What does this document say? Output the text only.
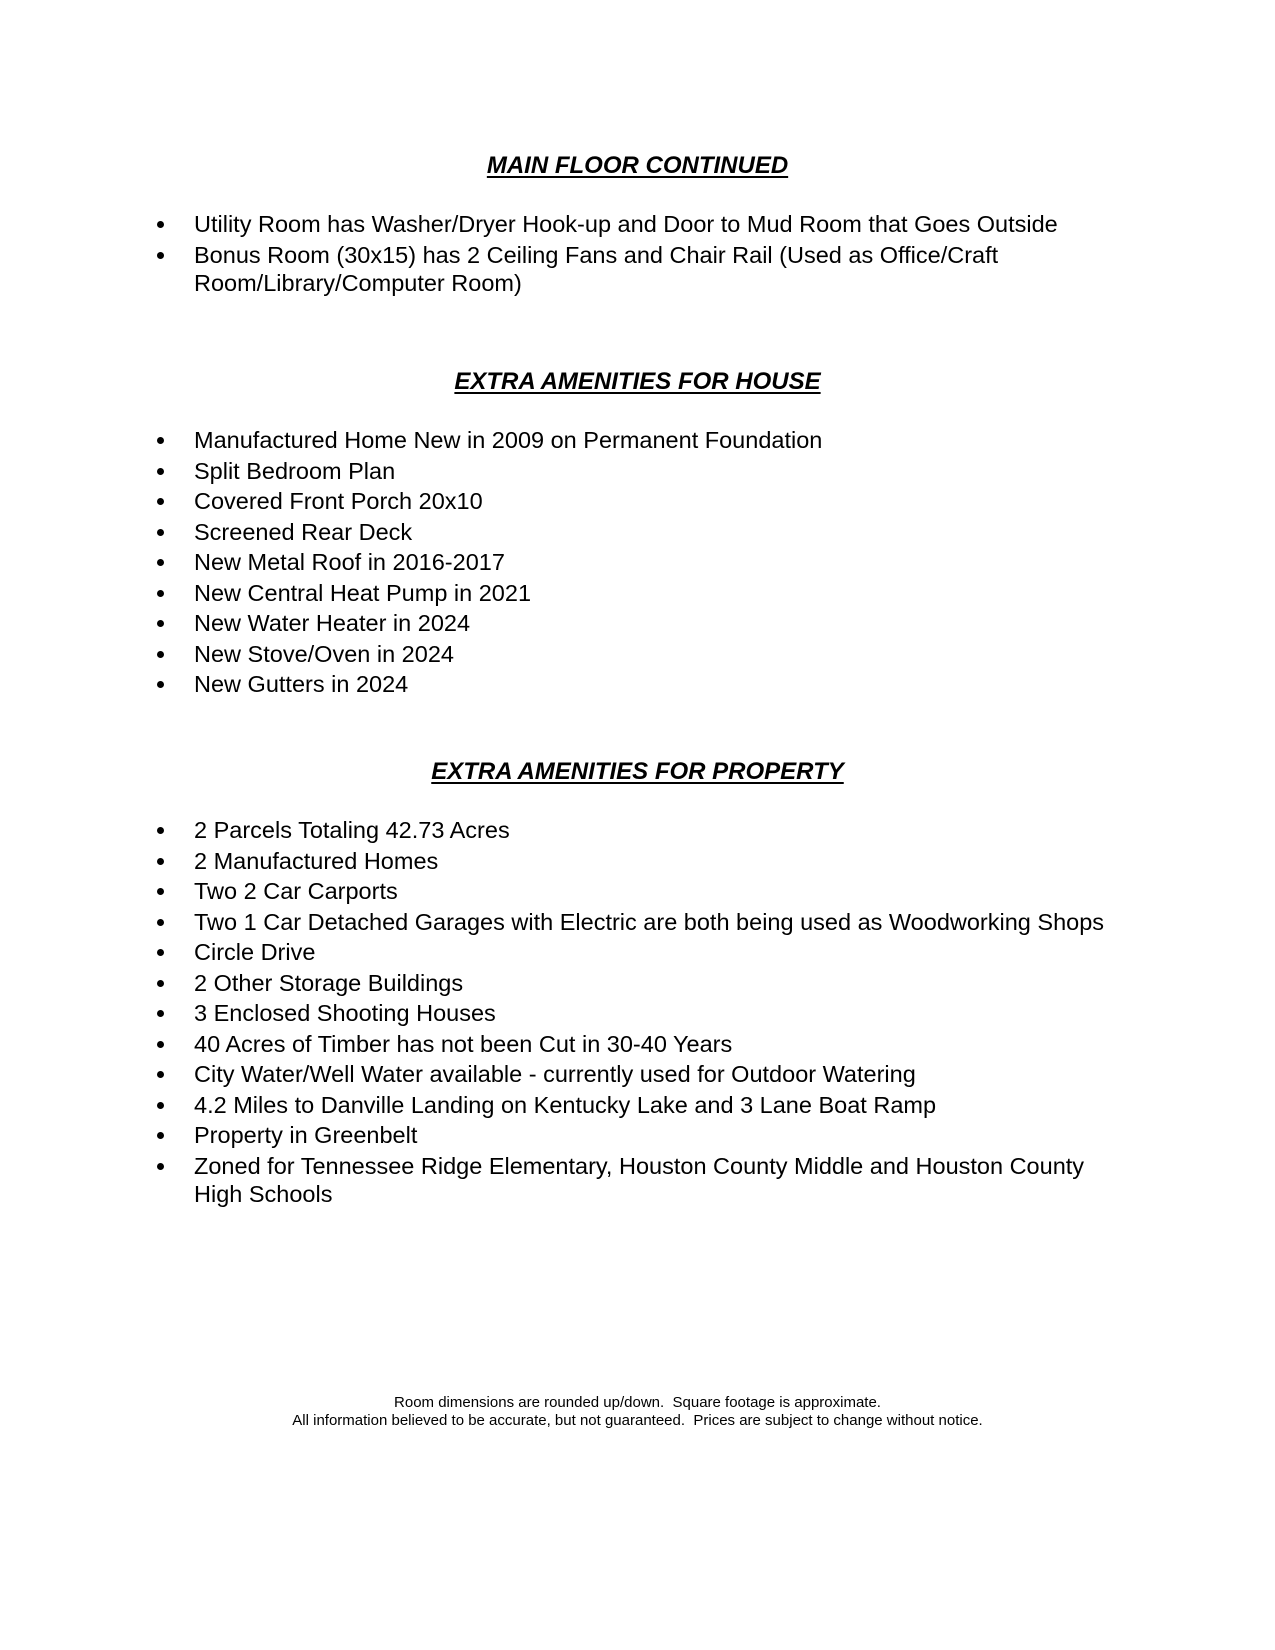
MAIN FLOOR CONTINUED
Utility Room has Washer/Dryer Hook-up and Door to Mud Room that Goes Outside
Bonus Room (30x15) has 2 Ceiling Fans and Chair Rail (Used as Office/Craft Room/Library/Computer Room)
EXTRA AMENITIES FOR HOUSE
Manufactured Home New in 2009 on Permanent Foundation
Split Bedroom Plan
Covered Front Porch 20x10
Screened Rear Deck
New Metal Roof in 2016-2017
New Central Heat Pump in 2021
New Water Heater in 2024
New Stove/Oven in 2024
New Gutters in 2024
EXTRA AMENITIES FOR PROPERTY
2 Parcels Totaling 42.73 Acres
2 Manufactured Homes
Two 2 Car Carports
Two 1 Car Detached Garages with Electric are both being used as Woodworking Shops
Circle Drive
2 Other Storage Buildings
3 Enclosed Shooting Houses
40 Acres of Timber has not been Cut in 30-40 Years
City Water/Well Water available - currently used for Outdoor Watering
4.2 Miles to Danville Landing on Kentucky Lake and 3 Lane Boat Ramp
Property in Greenbelt
Zoned for Tennessee Ridge Elementary, Houston County Middle and Houston County High Schools
Room dimensions are rounded up/down.  Square footage is approximate.
All information believed to be accurate, but not guaranteed.  Prices are subject to change without notice.
